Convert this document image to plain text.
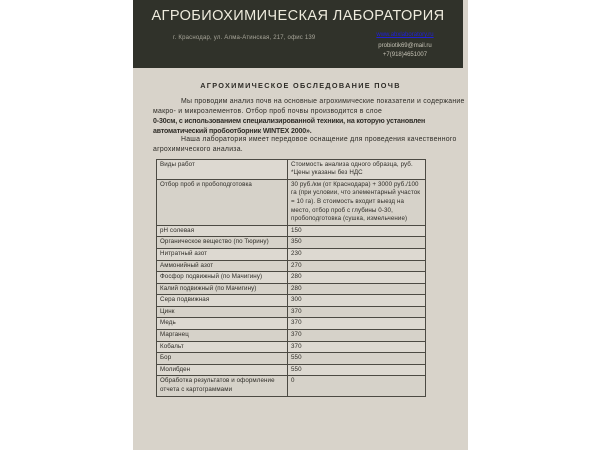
АГРОБИОХИМИЧЕСКАЯ ЛАБОРАТОРИЯ
г. Краснодар, ул. Алма-Атинская, 217, офис 139	www.abxlaboratory.ru
probiotik69@mail.ru
+7(918)4651007
АГРОХИМИЧЕСКОЕ ОБСЛЕДОВАНИЕ ПОЧВ
Мы проводим анализ почв на основные агрохимические показатели и содержание
макро- и микроэлементов. Отбор проб почвы производится в слое
0-30см, с использованием специализированной техники, на которую установлен
автоматический пробоотборник WINTEX 2000».
Наша лаборатория имеет передовое оснащение для проведения качественного
агрохимического анализа.
Виды работ	Стоимость анализа одного образца, руб.
*Цены указаны без НДС

Отбор проб и пробоподготовка	30 руб./км (от Краснодара) + 3000 руб./100 га (при условии, что элементарный участок = 10 га). В стоимость входит выезд на место, отбор проб с глубины 0-30, пробоподготовка (сушка, измельчение)
pH солевая	150
Органическое вещество (по Тюрину)	350
Нитратный азот	230
Аммонийный азот	270
Фосфор подвижный (по Мачигину)	280
Калий подвижный (по Мачигину)	280
Сера подвижная	300
Цинк	370
Медь	370
Марганец	370
Кобальт	370
Бор	550
Молибден	550
Обработка результатов и оформление отчета с картограммами	0
